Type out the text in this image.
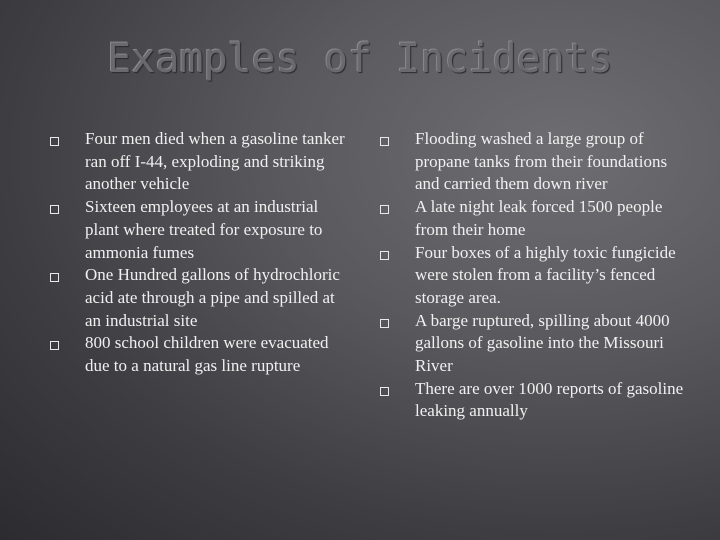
Examples of Incidents
Four men died when a gasoline tanker ran off I-44, exploding and striking another vehicle
Sixteen employees at an industrial plant where treated for exposure to ammonia fumes
One Hundred gallons of hydrochloric acid ate through a pipe and spilled at an industrial site
800 school children were evacuated due to a natural gas line rupture
Flooding washed a large group of propane tanks from their foundations and carried them down river
A late night leak forced 1500 people from their home
Four boxes of a highly toxic fungicide were stolen from a facility’s fenced storage area.
A barge ruptured, spilling about 4000 gallons of gasoline into the Missouri River
There are over 1000 reports of gasoline leaking annually
